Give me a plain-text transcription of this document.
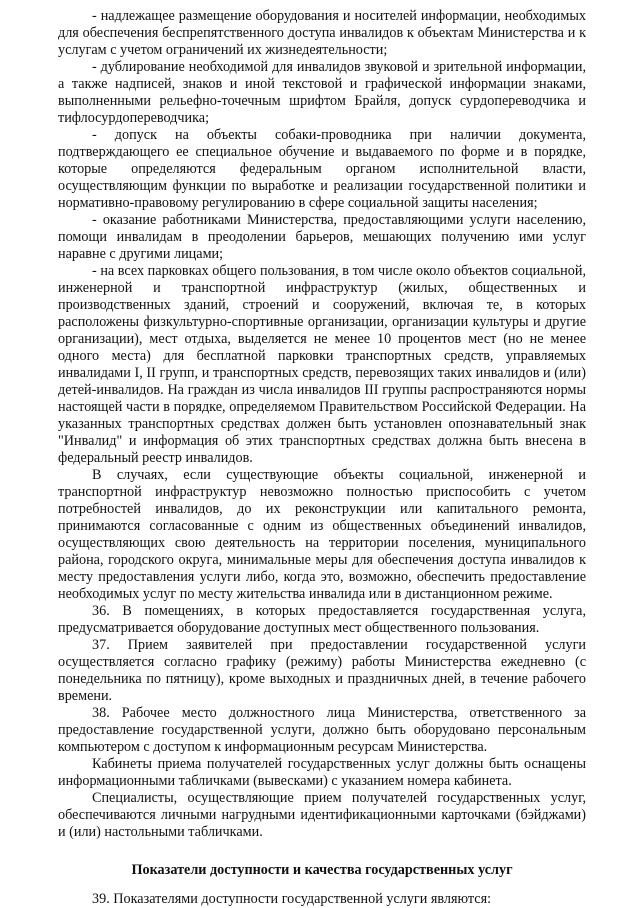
- надлежащее размещение оборудования и носителей информации, необходимых для обеспечения беспрепятственного доступа инвалидов к объектам Министерства и к услугам с учетом ограничений их жизнедеятельности;

- дублирование необходимой для инвалидов звуковой и зрительной информации, а также надписей, знаков и иной текстовой и графической информации знаками, выполненными рельефно-точечным шрифтом Брайля, допуск сурдопереводчика и тифлосурдопереводчика;

- допуск на объекты собаки-проводника при наличии документа, подтверждающего ее специальное обучение и выдаваемого по форме и в порядке, которые определяются федеральным органом исполнительной власти, осуществляющим функции по выработке и реализации государственной политики и нормативно-правовому регулированию в сфере социальной защиты населения;

- оказание работниками Министерства, предоставляющими услуги населению, помощи инвалидам в преодолении барьеров, мешающих получению ими услуг наравне с другими лицами;

- на всех парковках общего пользования, в том числе около объектов социальной, инженерной и транспортной инфраструктур (жилых, общественных и производственных зданий, строений и сооружений, включая те, в которых расположены физкультурно-спортивные организации, организации культуры и другие организации), мест отдыха, выделяется не менее 10 процентов мест (но не менее одного места) для бесплатной парковки транспортных средств, управляемых инвалидами I, II групп, и транспортных средств, перевозящих таких инвалидов и (или) детей-инвалидов. На граждан из числа инвалидов III группы распространяются нормы настоящей части в порядке, определяемом Правительством Российской Федерации. На указанных транспортных средствах должен быть установлен опознавательный знак "Инвалид" и информация об этих транспортных средствах должна быть внесена в федеральный реестр инвалидов.

В случаях, если существующие объекты социальной, инженерной и транспортной инфраструктур невозможно полностью приспособить с учетом потребностей инвалидов, до их реконструкции или капитального ремонта, принимаются согласованные с одним из общественных объединений инвалидов, осуществляющих свою деятельность на территории поселения, муниципального района, городского округа, минимальные меры для обеспечения доступа инвалидов к месту предоставления услуги либо, когда это, возможно, обеспечить предоставление необходимых услуг по месту жительства инвалида или в дистанционном режиме.

36. В помещениях, в которых предоставляется государственная услуга, предусматривается оборудование доступных мест общественного пользования.

37. Прием заявителей при предоставлении государственной услуги осуществляется согласно графику (режиму) работы Министерства ежедневно (с понедельника по пятницу), кроме выходных и праздничных дней, в течение рабочего времени.

38. Рабочее место должностного лица Министерства, ответственного за предоставление государственной услуги, должно быть оборудовано персональным компьютером с доступом к информационным ресурсам Министерства.

Кабинеты приема получателей государственных услуг должны быть оснащены информационными табличками (вывесками) с указанием номера кабинета.

Специалисты, осуществляющие прием получателей государственных услуг, обеспечиваются личными нагрудными идентификационными карточками (бэйджами) и (или) настольными табличками.

Показатели доступности и качества государственных услуг

39. Показателями доступности государственной услуги являются:
